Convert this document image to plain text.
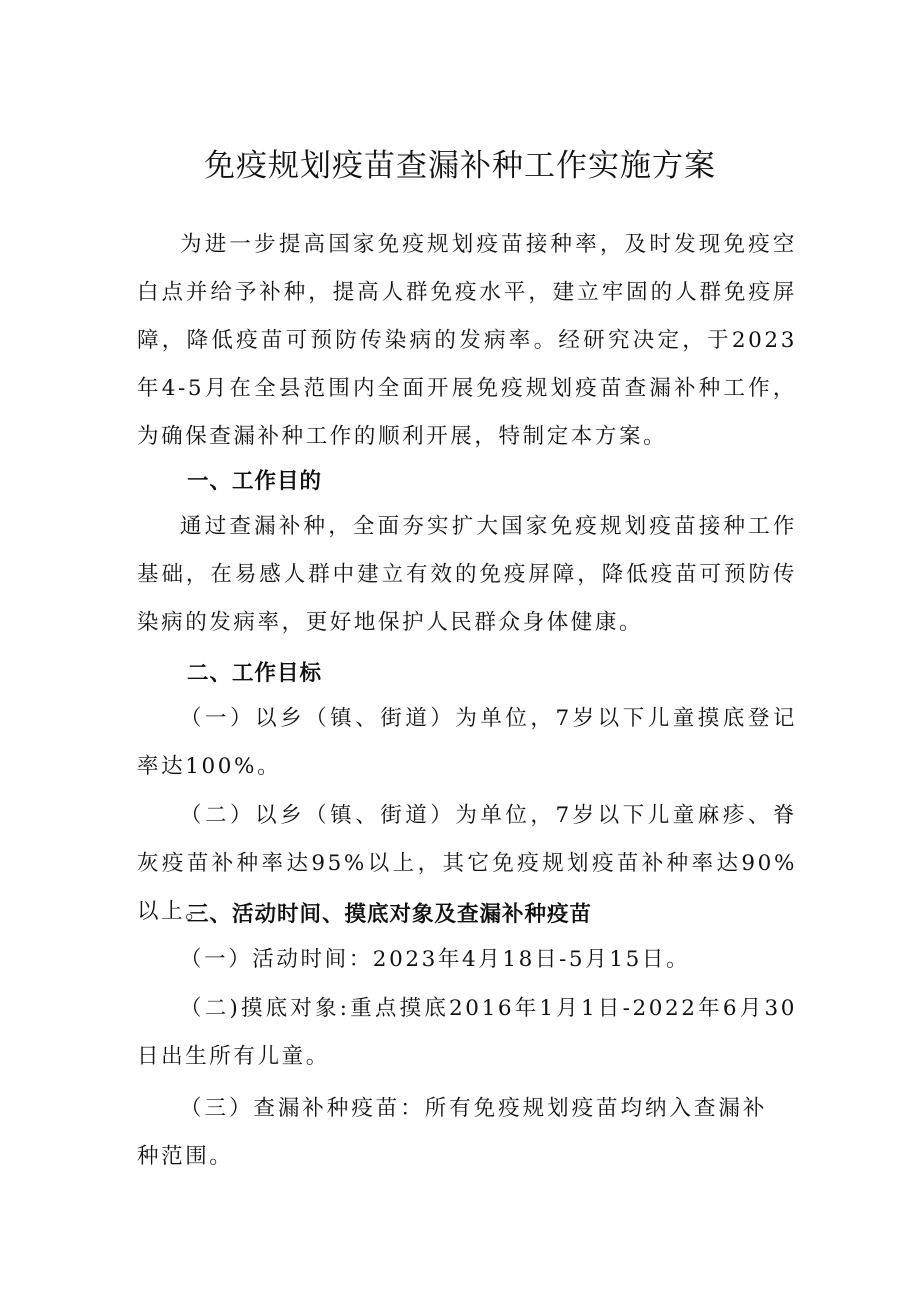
免疫规划疫苗查漏补种工作实施方案

为进一步提高国家免疫规划疫苗接种率，及时发现免疫空白点并给予补种，提高人群免疫水平，建立牢固的人群免疫屏障，降低疫苗可预防传染病的发病率。经研究决定，于2023年4-5月在全县范围内全面开展免疫规划疫苗查漏补种工作，为确保查漏补种工作的顺利开展，特制定本方案。

一、工作目的

通过查漏补种，全面夯实扩大国家免疫规划疫苗接种工作基础，在易感人群中建立有效的免疫屏障，降低疫苗可预防传染病的发病率，更好地保护人民群众身体健康。

二、工作目标

（一）以乡（镇、街道）为单位，7岁以下儿童摸底登记率达100%。

（二）以乡（镇、街道）为单位，7岁以下儿童麻疹、脊灰疫苗补种率达95%以上，其它免疫规划疫苗补种率达90%以上。

三、活动时间、摸底对象及查漏补种疫苗

（一）活动时间：2023年4月18日-5月15日。

（二)摸底对象:重点摸底2016年1月1日-2022年6月30日出生所有儿童。

（三）查漏补种疫苗：所有免疫规划疫苗均纳入查漏补种范围。
